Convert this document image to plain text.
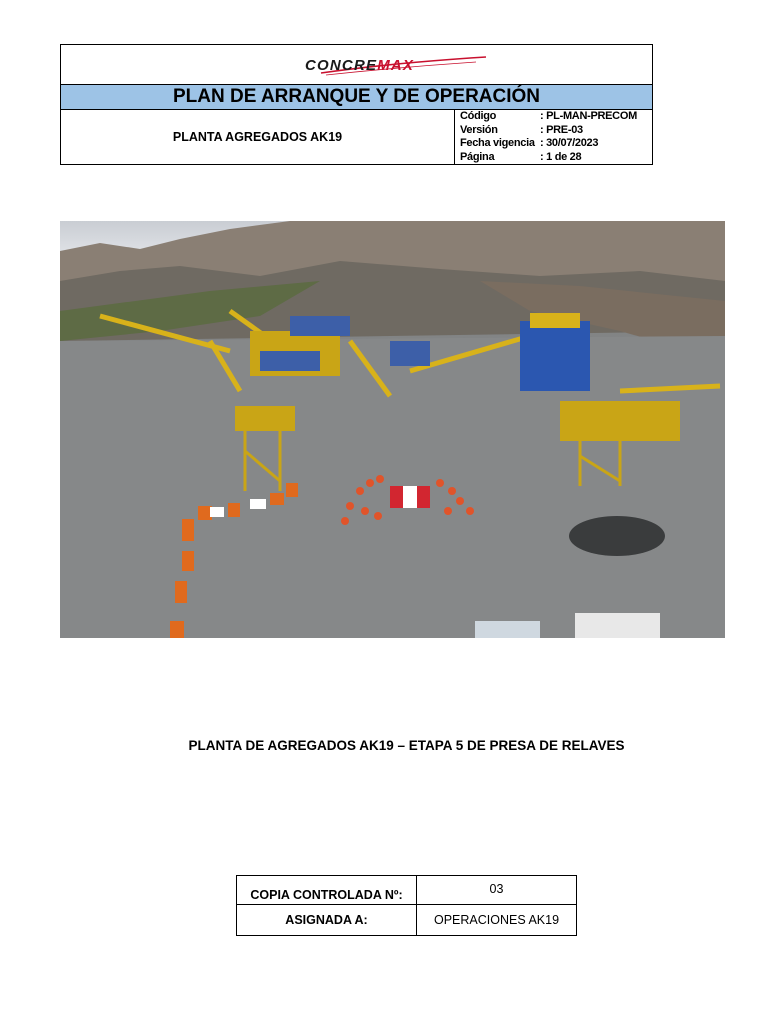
CONCREMAX
PLAN DE ARRANQUE Y DE OPERACIÓN
PLANTA AGREGADOS AK19
Código	: PL-MAN-PRECOM
Versión	: PRE-03
Fecha vigencia : 30/07/2023
Página	: 1 de 28
PLANTA DE AGREGADOS AK19 – ETAPA 5 DE PRESA DE RELAVES
COPIA CONTROLADA Nº:	03
ASIGNADA A:	OPERACIONES AK19
